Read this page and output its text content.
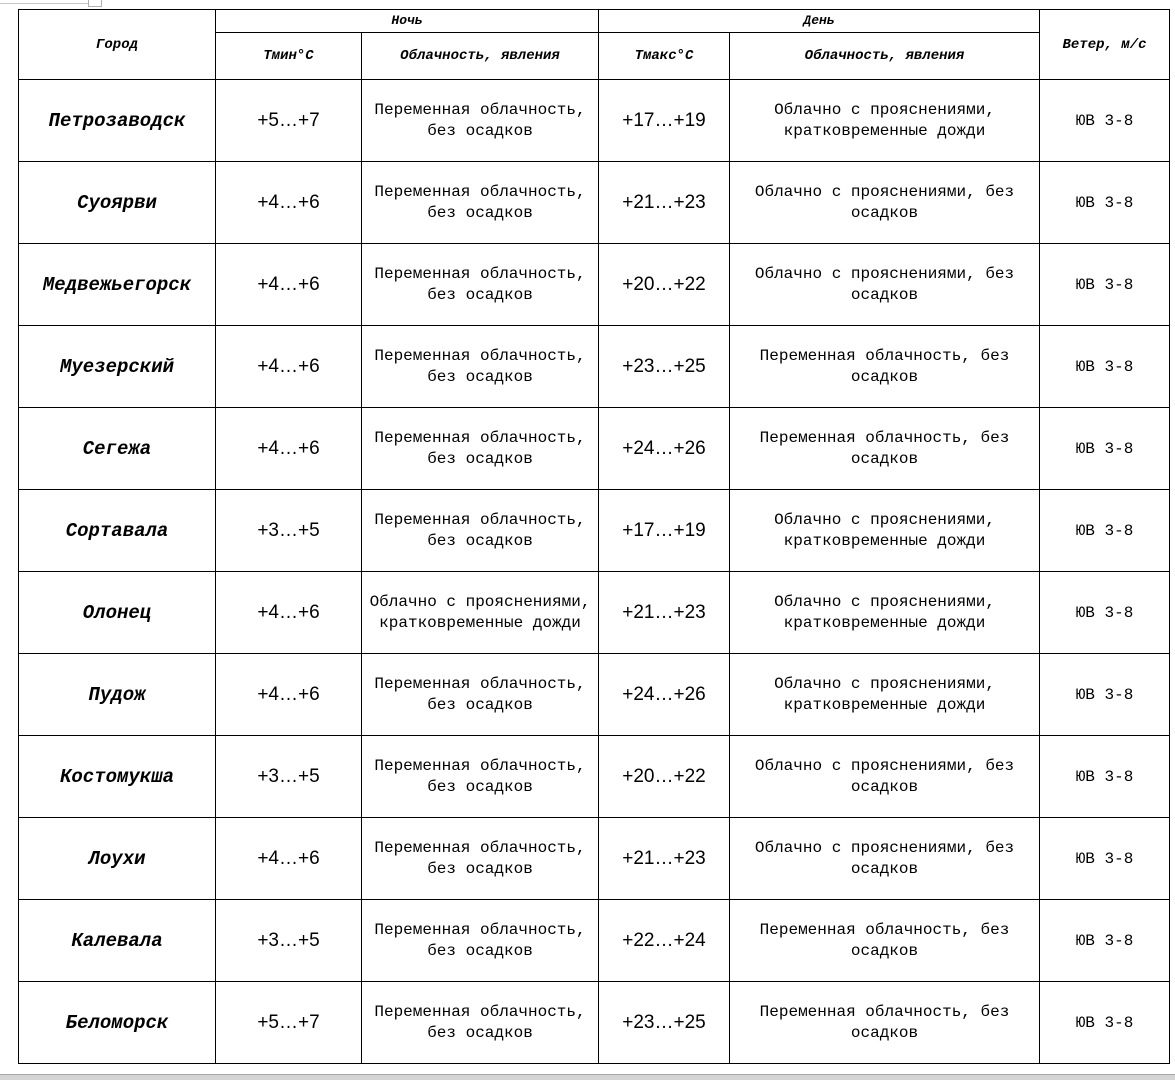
Город	Ночь		День		Ветер, м/с
	Тмин°С	Облачность, явления	Тмакс°С	Облачность, явления	
Петрозаводск	+5…+7	Переменная облачность, без осадков	+17…+19	Облачно с прояснениями, кратковременные дожди	ЮВ 3-8
Суоярви	+4…+6	Переменная облачность, без осадков	+21…+23	Облачно с прояснениями, без осадков	ЮВ 3-8
Медвежьегорск	+4…+6	Переменная облачность, без осадков	+20…+22	Облачно с прояснениями, без осадков	ЮВ 3-8
Муезерский	+4…+6	Переменная облачность, без осадков	+23…+25	Переменная облачность, без осадков	ЮВ 3-8
Сегежа	+4…+6	Переменная облачность, без осадков	+24…+26	Переменная облачность, без осадков	ЮВ 3-8
Сортавала	+3…+5	Переменная облачность, без осадков	+17…+19	Облачно с прояснениями, кратковременные дожди	ЮВ 3-8
Олонец	+4…+6	Облачно с прояснениями, кратковременные дожди	+21…+23	Облачно с прояснениями, кратковременные дожди	ЮВ 3-8
Пудож	+4…+6	Переменная облачность, без осадков	+24…+26	Облачно с прояснениями, кратковременные дожди	ЮВ 3-8
Костомукша	+3…+5	Переменная облачность, без осадков	+20…+22	Облачно с прояснениями, без осадков	ЮВ 3-8
Лоухи	+4…+6	Переменная облачность, без осадков	+21…+23	Облачно с прояснениями, без осадков	ЮВ 3-8
Калевала	+3…+5	Переменная облачность, без осадков	+22…+24	Переменная облачность, без осадков	ЮВ 3-8
Беломорск	+5…+7	Переменная облачность, без осадков	+23…+25	Переменная облачность, без осадков	ЮВ 3-8
